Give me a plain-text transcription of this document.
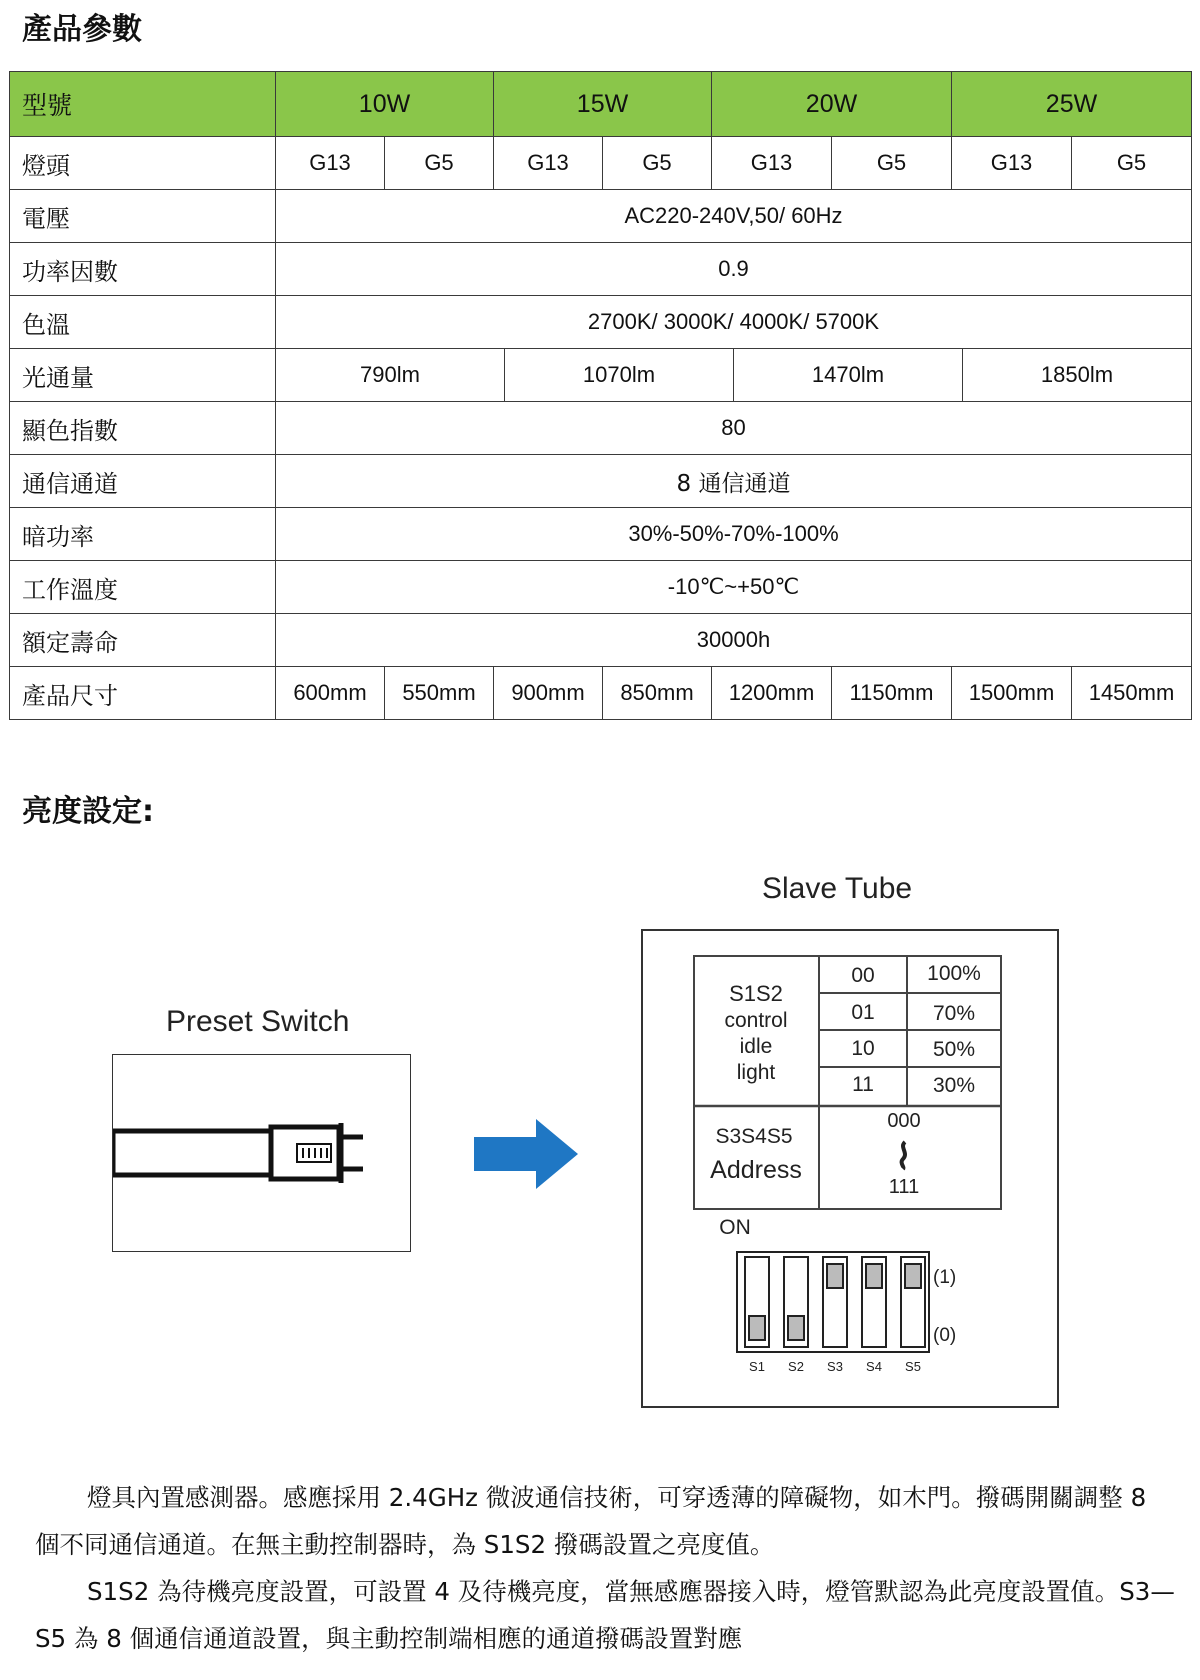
產品參數
型號	10W		15W		20W		25W	
燈頭	G13	G5	G13	G5	G13	G5	G13	G5
電壓	AC220-240V,50/ 60Hz							
功率因數	0.9							
色溫	2700K/ 3000K/ 4000K/ 5700K							
光通量	790lm 1070lm 1470lm 1850lm							

顯色指數	80							
通信通道	8 通信通道							
暗功率	30%-50%-70%-100%							
工作溫度	-10℃~+50℃							
額定壽命	30000h							
產品尺寸	600mm	550mm	900mm	850mm	1200mm	1150mm	1500mm	1450mm
亮度設定:
Preset Switch
Slave Tube
S1S2
control
idle
light
00 100%
01	70%
10	50%
11	30%
S3S4S5
Address
000
111
ON
(1)
(0)
S1 S2 S3 S4 S5
燈具內置感測器。感應採用 2.4GHz 微波通信技術，可穿透薄的障礙物，如木門。撥碼開關調整 8 個不同通信通道。在無主動控制器時，為 S1S2 撥碼設置之亮度值。
S1S2 為待機亮度設置，可設置 4 及待機亮度，當無感應器接入時，燈管默認為此亮度設置值。S3—S5 為 8 個通信通道設置，與主動控制端相應的通道撥碼設置對應
